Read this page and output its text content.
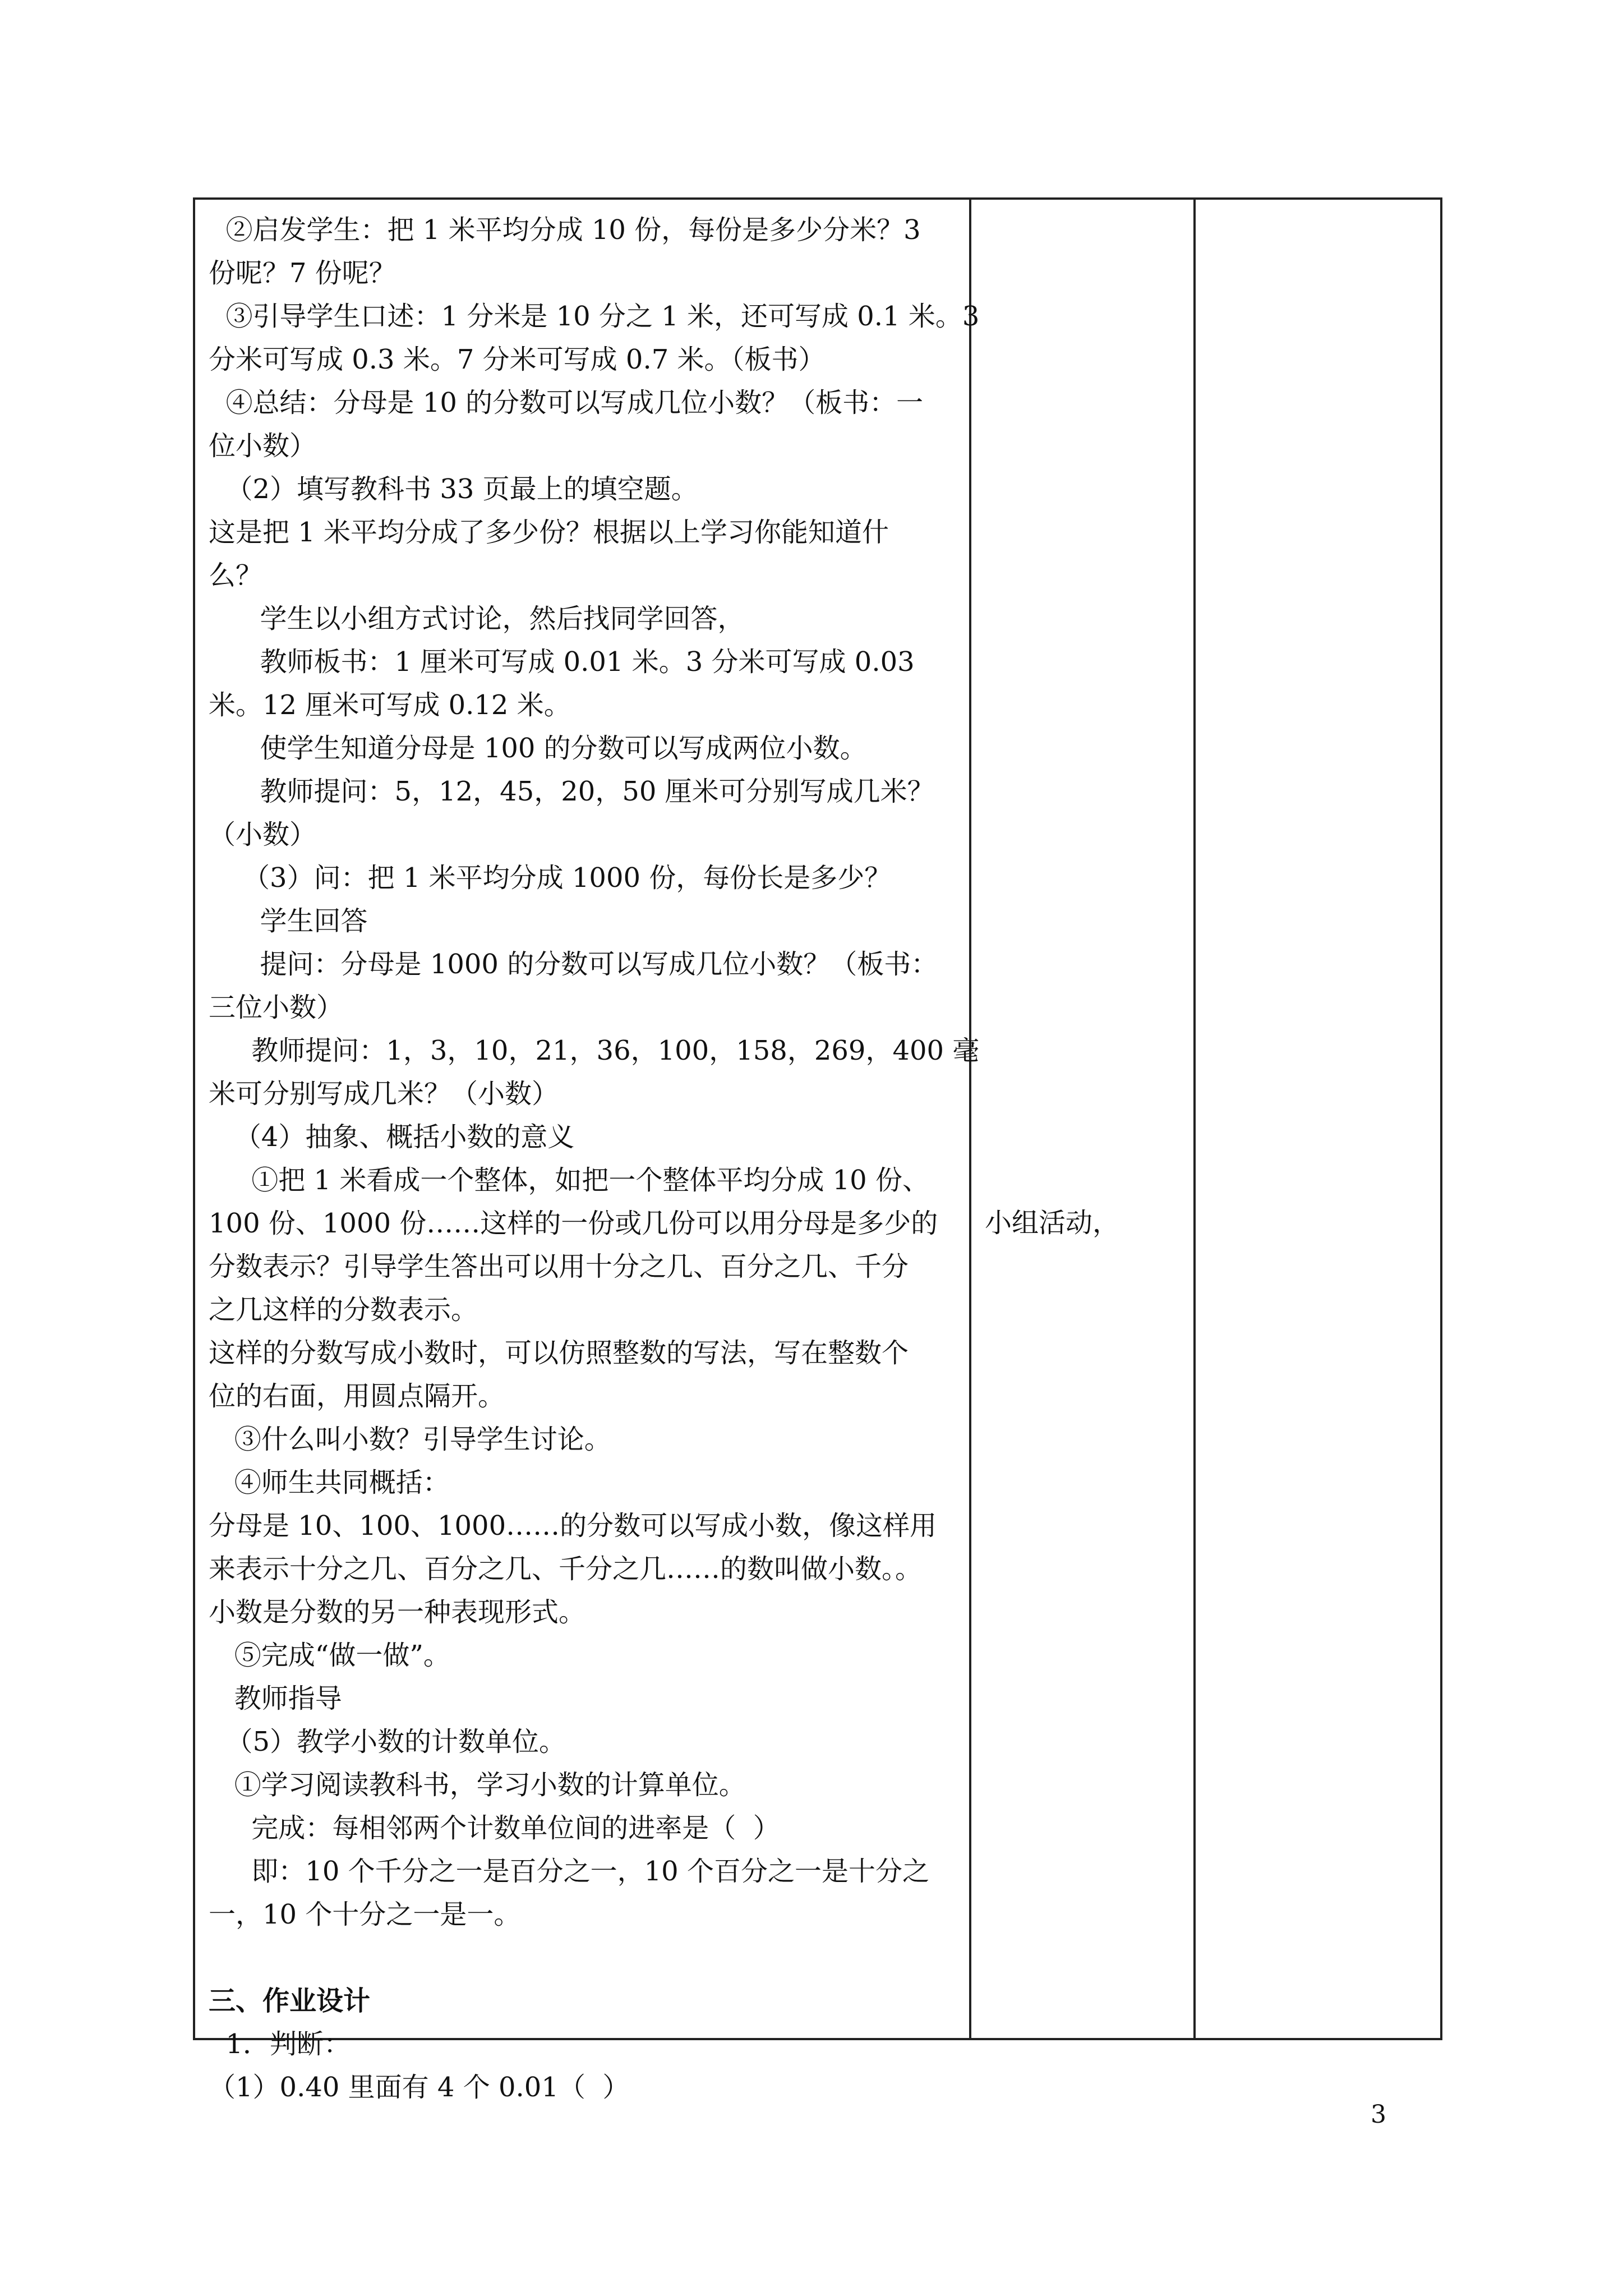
②启发学生：把 1 米平均分成 10 份，每份是多少分米？3
份呢？7 份呢？
③引导学生口述：1 分米是 10 分之 1 米，还可写成 0.1 米。3
分米可写成 0.3 米。7 分米可写成 0.7 米。（板书）
④总结：分母是 10 的分数可以写成几位小数？（板书：一
位小数）
（2）填写教科书 33 页最上的填空题。
这是把 1 米平均分成了多少份？根据以上学习你能知道什
么？
学生以小组方式讨论，然后找同学回答，
教师板书：1 厘米可写成 0.01 米。3 分米可写成 0.03
米。12 厘米可写成 0.12 米。
使学生知道分母是 100 的分数可以写成两位小数。
教师提问：5，12，45，20，50 厘米可分别写成几米？
（小数）
（3）问：把 1 米平均分成 1000 份，每份长是多少？
学生回答
提问：分母是 1000 的分数可以写成几位小数？（板书：
三位小数）
教师提问：1，3，10，21，36，100，158，269，400 毫
米可分别写成几米？（小数）
（4）抽象、概括小数的意义
①把 1 米看成一个整体，如把一个整体平均分成 10 份、
100 份、1000 份……这样的一份或几份可以用分母是多少的
分数表示？引导学生答出可以用十分之几、百分之几、千分
之几这样的分数表示。
这样的分数写成小数时，可以仿照整数的写法，写在整数个
位的右面，用圆点隔开。
③什么叫小数？引导学生讨论。
④师生共同概括：
分母是 10、100、1000……的分数可以写成小数，像这样用
来表示十分之几、百分之几、千分之几……的数叫做小数。。
小数是分数的另一种表现形式。
⑤完成“做一做”。
教师指导
（5）教学小数的计数单位。
①学习阅读教科书，学习小数的计算单位。
完成：每相邻两个计数单位间的进率是（  ）
即：10 个千分之一是百分之一，10 个百分之一是十分之
一，10 个十分之一是一。
三、作业设计
1．判断：
（1）0.40 里面有 4 个 0.01（  ）
小组活动，
3
